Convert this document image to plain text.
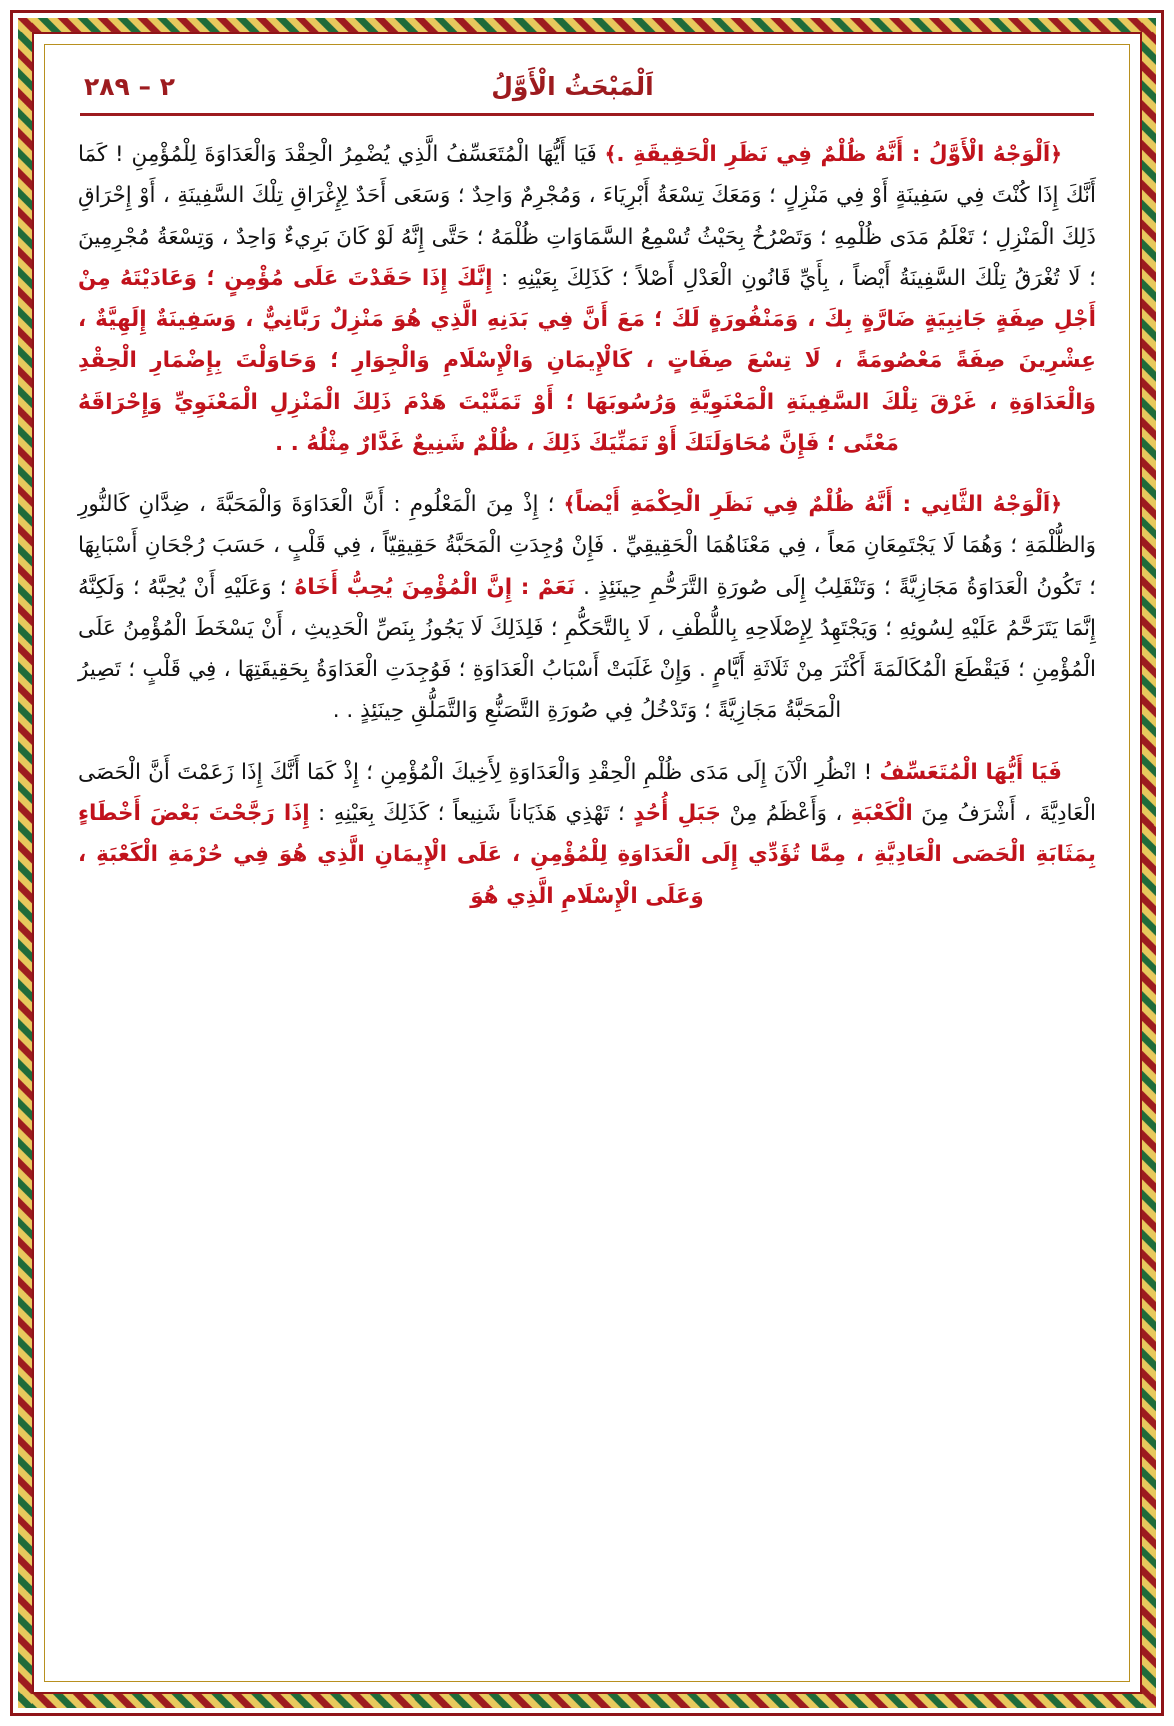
٢ – ٢٨٩	اَلْمَبْحَثُ الْأَوَّلُ

﴿اَلْوَجْهُ الْأَوَّلُ : أَنَّهُ ظُلْمٌ فِي نَظَرِ الْحَقِيقَةِ .﴾ فَيَا أَيُّهَا الْمُتَعَسِّفُ الَّذِي يُضْمِرُ الْحِقْدَ وَالْعَدَاوَةَ لِلْمُؤْمِنِ ! كَمَا أَنَّكَ إِذَا كُنْتَ فِي سَفِينَةٍ أَوْ فِي مَنْزِلٍ ؛ وَمَعَكَ تِسْعَةُ أَبْرِيَاءَ ، وَمُجْرِمٌ وَاحِدٌ ؛ وَسَعَى أَحَدٌ لِإِغْرَاقِ تِلْكَ السَّفِينَةِ ، أَوْ إِحْرَاقِ ذَلِكَ الْمَنْزِلِ ؛ تَعْلَمُ مَدَى ظُلْمِهِ ؛ وَتَصْرُخُ بِحَيْثُ تُسْمِعُ السَّمَاوَاتِ ظُلْمَهُ ؛ حَتَّى إِنَّهُ لَوْ كَانَ بَرِيءٌ وَاحِدٌ ، وَتِسْعَةُ مُجْرِمِينَ ؛ لَا تُغْرَقُ تِلْكَ السَّفِينَةُ أَيْضاً ، بِأَيِّ قَانُونِ الْعَدْلِ أَصْلاً ؛ كَذَلِكَ بِعَيْنِهِ : إِنَّكَ إِذَا حَقَدْتَ عَلَى مُؤْمِنٍ ؛ وَعَادَيْتَهُ مِنْ أَجْلِ صِفَةٍ جَانِبِيَةٍ ضَارَّةٍ بِكَ ، وَمَنْفُورَةٍ لَكَ ؛ مَعَ أَنَّ فِي بَدَنِهِ الَّذِي هُوَ مَنْزِلٌ رَبَّانِيٌّ ، وَسَفِينَةٌ إِلَهِيَّةٌ ، عِشْرِينَ صِفَةً مَعْصُومَةً ، لَا تِسْعَ صِفَاتٍ ، كَالْإِيمَانِ وَالْإِسْلَامِ وَالْجِوَارِ ؛ وَحَاوَلْتَ بِإِضْمَارِ الْحِقْدِ وَالْعَدَاوَةِ ، غَرْقَ تِلْكَ السَّفِينَةِ الْمَعْنَوِيَّةِ وَرُسُوبَهَا ؛ أَوْ تَمَنَّيْتَ هَدْمَ ذَلِكَ الْمَنْزِلِ الْمَعْنَوِيِّ وَإِحْرَاقَهُ مَعْنًى ؛ فَإِنَّ مُحَاوَلَتَكَ أَوْ تَمَنِّيَكَ ذَلِكَ ، ظُلْمٌ شَنِيعٌ غَدَّارٌ مِثْلُهُ . .

﴿اَلْوَجْهُ الثَّانِي : أَنَّهُ ظُلْمٌ فِي نَظَرِ الْحِكْمَةِ أَيْضاً﴾ ؛ إِذْ مِنَ الْمَعْلُومِ : أَنَّ الْعَدَاوَةَ وَالْمَحَبَّةَ ، ضِدَّانِ كَالنُّورِ وَالظُّلْمَةِ ؛ وَهُمَا لَا يَجْتَمِعَانِ مَعاً ، فِي مَعْنَاهُمَا الْحَقِيقِيِّ . فَإِنْ وُجِدَتِ الْمَحَبَّةُ حَقِيقِيّاً ، فِي قَلْبٍ ، حَسَبَ رُجْحَانِ أَسْبَابِهَا ؛ تَكُونُ الْعَدَاوَةُ مَجَازِيَّةً ؛ وَتَنْقَلِبُ إِلَى صُورَةِ التَّرَحُّمِ حِينَئِذٍ . نَعَمْ : إِنَّ الْمُؤْمِنَ يُحِبُّ أَخَاهُ ؛ وَعَلَيْهِ أَنْ يُحِبَّهُ ؛ وَلَكِنَّهُ إِنَّمَا يَتَرَحَّمُ عَلَيْهِ لِسُوئِهِ ؛ وَيَجْتَهِدُ لِإِصْلَاحِهِ بِاللُّطْفِ ، لَا بِالتَّحَكُّمِ ؛ فَلِذَلِكَ لَا يَجُوزُ بِنَصِّ الْحَدِيثِ ، أَنْ يَسْخَطَ الْمُؤْمِنُ عَلَى الْمُؤْمِنِ ؛ فَيَقْطَعَ الْمُكَالَمَةَ أَكْثَرَ مِنْ ثَلَاثَةِ أَيَّامٍ . وَإِنْ غَلَبَتْ أَسْبَابُ الْعَدَاوَةِ ؛ فَوُجِدَتِ الْعَدَاوَةُ بِحَقِيقَتِهَا ، فِي قَلْبٍ ؛ تَصِيرُ الْمَحَبَّةُ مَجَازِيَّةً ؛ وَتَدْخُلُ فِي صُورَةِ التَّصَنُّعِ وَالتَّمَلُّقِ حِينَئِذٍ . .

فَيَا أَيُّهَا الْمُتَعَسِّفُ ! انْظُرِ الْآنَ إِلَى مَدَى ظُلْمِ الْحِقْدِ وَالْعَدَاوَةِ لِأَخِيكَ الْمُؤْمِنِ ؛ إِذْ كَمَا أَنَّكَ إِذَا زَعَمْتَ أَنَّ الْحَصَى الْعَادِيَّةَ ، أَشْرَفُ مِنَ الْكَعْبَةِ ، وَأَعْظَمُ مِنْ جَبَلِ أُحُدٍ ؛ تَهْذِي هَذَيَاناً شَنِيعاً ؛ كَذَلِكَ بِعَيْنِهِ : إِذَا رَجَّحْتَ بَعْضَ أَخْطَاءٍ بِمَثَابَةِ الْحَصَى الْعَادِيَّةِ ، مِمَّا تُؤَدِّي إِلَى الْعَدَاوَةِ لِلْمُؤْمِنِ ، عَلَى الْإِيمَانِ الَّذِي هُوَ فِي حُرْمَةِ الْكَعْبَةِ ، وَعَلَى الْإِسْلَامِ الَّذِي هُوَ
